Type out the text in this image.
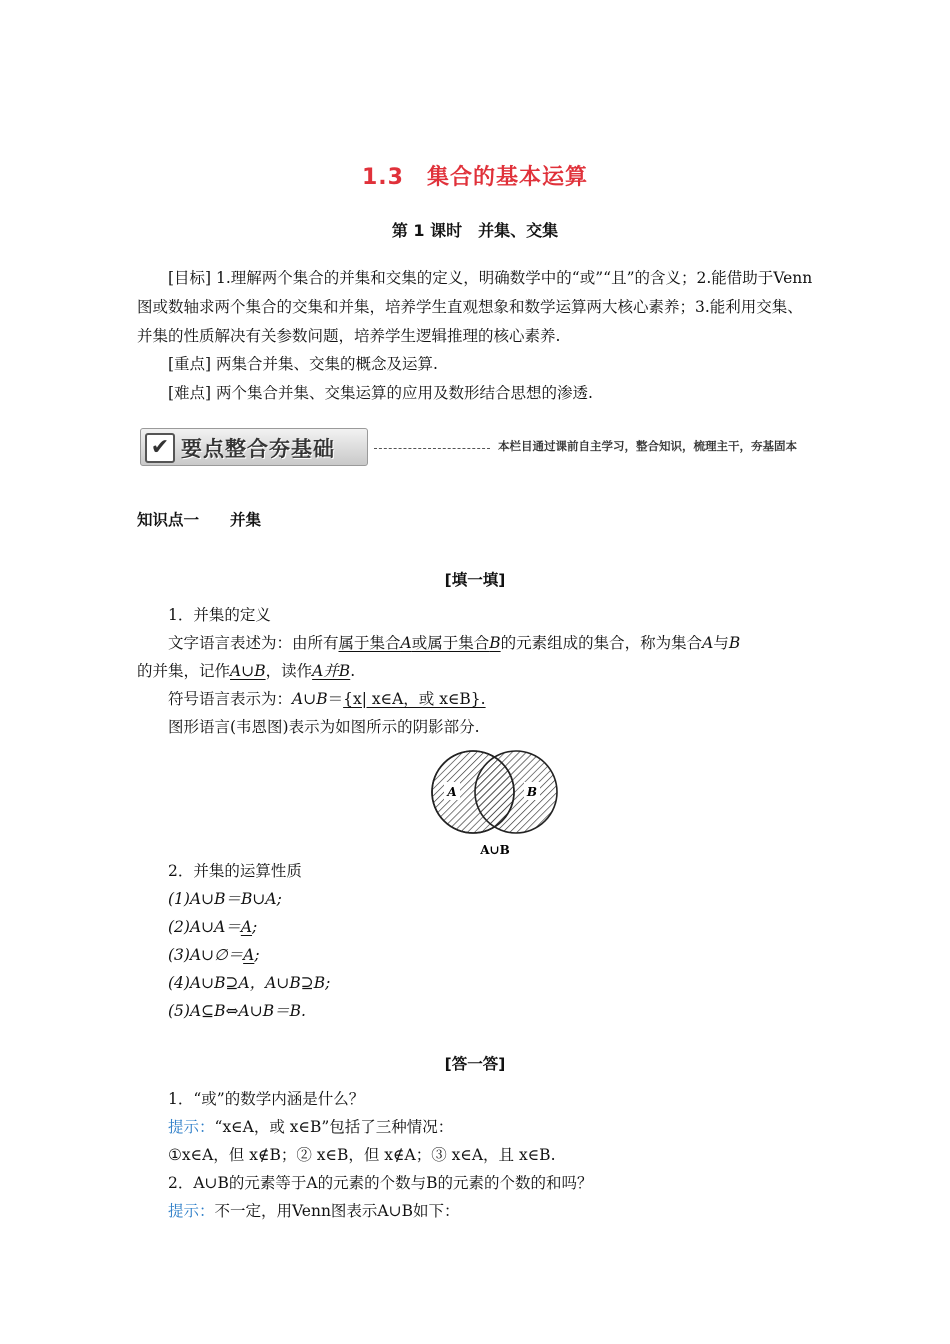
1.3　集合的基本运算
第 1 课时　并集、交集
[目标] 1.理解两个集合的并集和交集的定义，明确数学中的“或”“且”的含义；2.能借助于Venn图或数轴求两个集合的交集和并集，培养学生直观想象和数学运算两大核心素养；3.能利用交集、并集的性质解决有关参数问题，培养学生逻辑推理的核心素养.
[重点] 两集合并集、交集的概念及运算.
[难点] 两个集合并集、交集运算的应用及数形结合思想的渗透.
✔ 要点整合夯基础	本栏目通过课前自主学习，整合知识，梳理主干，夯基固本
知识点一　　并集
[填一填]
1．并集的定义
文字语言表述为：由所有属于集合A或属于集合B的元素组成的集合，称为集合A与B
的并集，记作A∪B，读作A并B.
符号语言表示为：A∪B＝{x| x∈A，或 x∈B}.
图形语言(韦恩图)表示为如图所示的阴影部分.
A	B
A∪B
2．并集的运算性质
(1)A∪B＝B∪A;
(2)A∪A＝A;
(3)A∪∅＝A;
(4)A∪B⊇A，A∪B⊇B;
(5)A⊆B⇔A∪B＝B.
[答一答]
1．“或”的数学内涵是什么？
提示：“x∈A，或 x∈B”包括了三种情况：
①x∈A，但 x∉B；② x∈B，但 x∉A；③ x∈A，且 x∈B.
2．A∪B的元素等于A的元素的个数与B的元素的个数的和吗？
提示：不一定，用Venn图表示A∪B如下：
